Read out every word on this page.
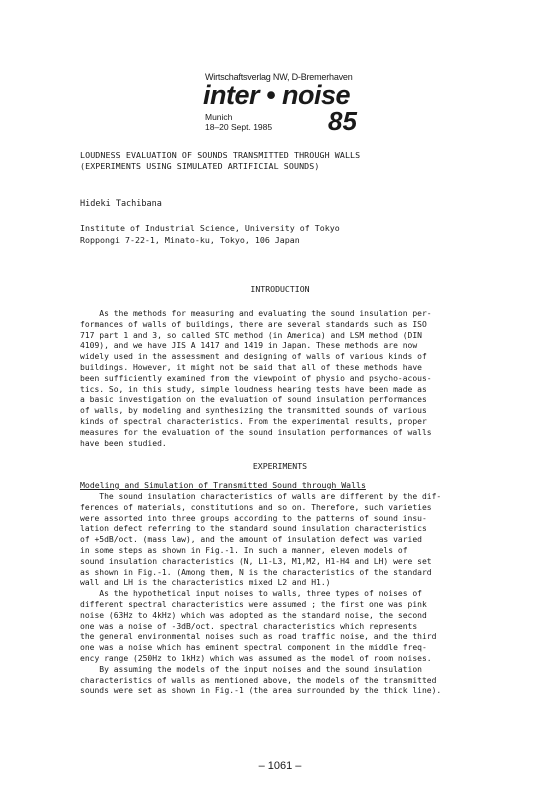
Wirtschaftsverlag NW, D-Bremerhaven
inter • noise
Munich
18–20 Sept. 1985 85
LOUDNESS EVALUATION OF SOUNDS TRANSMITTED THROUGH WALLS
(EXPERIMENTS USING SIMULATED ARTIFICIAL SOUNDS)
Hideki Tachibana
Institute of Industrial Science, University of Tokyo
Roppongi 7-22-1, Minato-ku, Tokyo, 106 Japan
INTRODUCTION
As the methods for measuring and evaluating the sound insulation per-
formances of walls of buildings, there are several standards such as ISO
717 part 1 and 3, so called STC method (in America) and LSM method (DIN
4109), and we have JIS A 1417 and 1419 in Japan. These methods are now
widely used in the assessment and designing of walls of various kinds of
buildings. However, it might not be said that all of these methods have
been sufficiently examined from the viewpoint of physio and psycho-acous-
tics. So, in this study, simple loudness hearing tests have been made as
a basic investigation on the evaluation of sound insulation performances
of walls, by modeling and synthesizing the transmitted sounds of various
kinds of spectral characteristics. From the experimental results, proper
measures for the evaluation of the sound insulation performances of walls
have been studied.
EXPERIMENTS
Modeling and Simulation of Transmitted Sound through Walls
The sound insulation characteristics of walls are different by the dif-
ferences of materials, constitutions and so on. Therefore, such varieties
were assorted into three groups according to the patterns of sound insu-
lation defect referring to the standard sound insulation characteristics
of +5dB/oct. (mass law), and the amount of insulation defect was varied
in some steps as shown in Fig.-1. In such a manner, eleven models of
sound insulation characteristics (N, L1-L3, M1,M2, H1-H4 and LH) were set
as shown in Fig.-1. (Among them, N is the characteristics of the standard
wall and LH is the characteristics mixed L2 and H1.)
As the hypothetical input noises to walls, three types of noises of
different spectral characteristics were assumed ; the first one was pink
noise (63Hz to 4kHz) which was adopted as the standard noise, the second
one was a noise of -3dB/oct. spectral characteristics which represents
the general environmental noises such as road traffic noise, and the third
one was a noise which has eminent spectral component in the middle freq-
ency range (250Hz to 1kHz) which was assumed as the model of room noises.
By assuming the models of the input noises and the sound insulation
characteristics of walls as mentioned above, the models of the transmitted
sounds were set as shown in Fig.-1 (the area surrounded by the thick line).
– 1061 –
